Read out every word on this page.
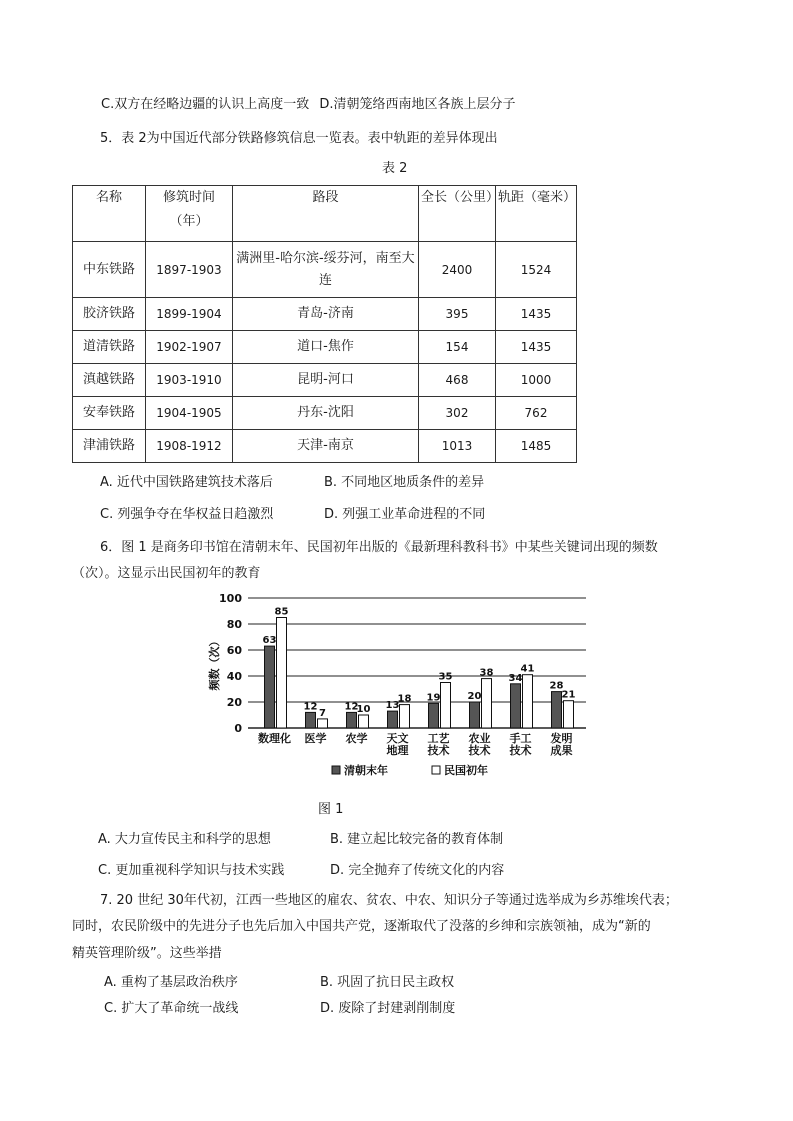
C.双方在经略边疆的认识上高度一致 D.清朝笼络西南地区各族上层分子
5．表 2为中国近代部分铁路修筑信息一览表。表中轨距的差异体现出
表 2
名称	修筑时间（年）	路段	全长（公里）	轨距（毫米）
中东铁路	1897-1903	满洲里-哈尔滨-绥芬河，南至大连	2400	1524
胶济铁路	1899-1904	青岛-济南	395	1435
道清铁路	1902-1907	道口-焦作	154	1435
滇越铁路	1903-1910	昆明-河口	468	1000
安奉铁路	1904-1905	丹东-沈阳	302	762
津浦铁路	1908-1912	天津-南京	1013	1485
A. 近代中国铁路建筑技术落后	B. 不同地区地质条件的差异
C. 列强争夺在华权益日趋激烈	D. 列强工业革命进程的不同
6．图 1 是商务印书馆在清朝末年、民国初年出版的《最新理科教科书》中某些关键词出现的频数
（次）。这显示出民国初年的教育
0
20
40
60
80
100
频数（次）	63
85
数理化
12
7
医学
12
10
农学
13
18
天文
地理
19
35
工艺
技术
20
38
农业
技术
34
41
手工
技术
28
21
发明
成果
清朝末年	民国初年
图 1
A. 大力宣传民主和科学的思想	B. 建立起比较完备的教育体制
C. 更加重视科学知识与技术实践	D. 完全抛弃了传统文化的内容
7. 20 世纪 30年代初，江西一些地区的雇农、贫农、中农、知识分子等通过选举成为乡苏维埃代表；
同时，农民阶级中的先进分子也先后加入中国共产党，逐渐取代了没落的乡绅和宗族领袖，成为“新的
精英管理阶级”。这些举措
A. 重构了基层政治秩序	B. 巩固了抗日民主政权
C. 扩大了革命统一战线	D. 废除了封建剥削制度
